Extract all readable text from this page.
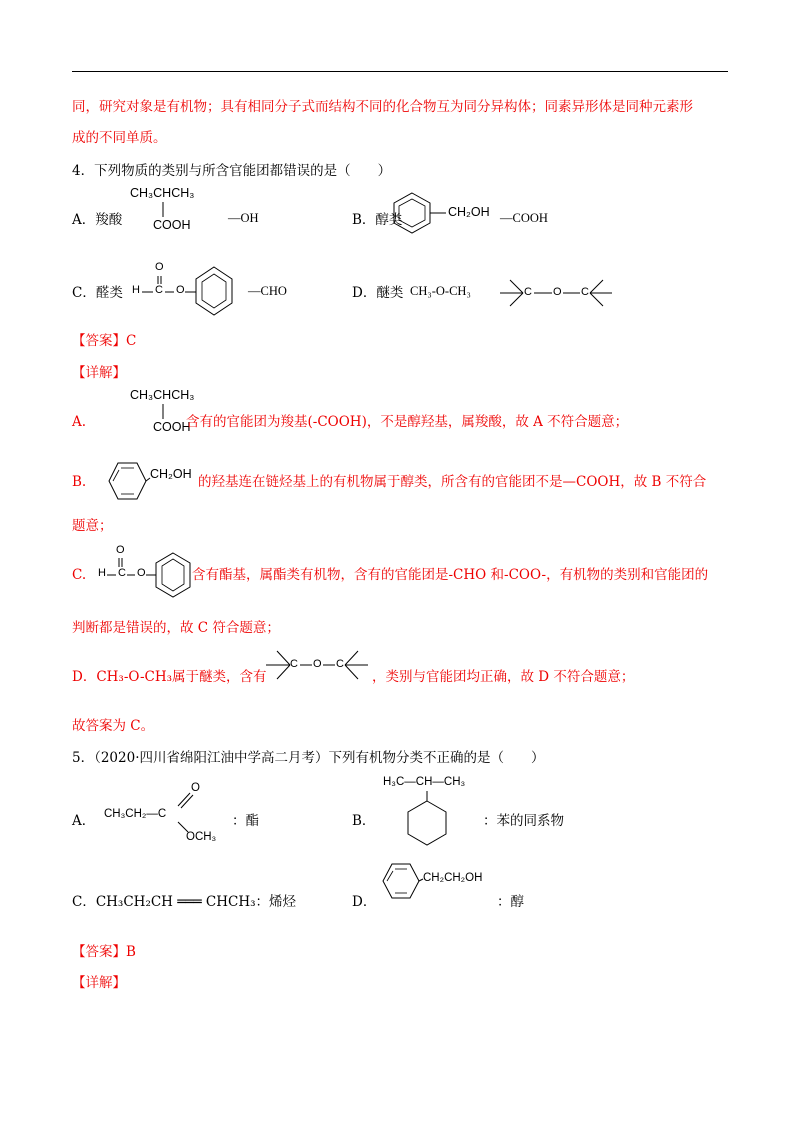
同，研究对象是有机物；具有相同分子式而结构不同的化合物互为同分异构体；同素异形体是同种元素形
成的不同单质。
4．下列物质的类别与所含官能团都错误的是（　　）
A．羧酸
CH₃CHCH₃
COOH	—OH	B．醇类	CH₂OH —COOH
C．醛类 H C
O
O	—CHO	D．醚类 CH₃-O-CH₃	C O C
【答案】C
【详解】
A.
CH₃CHCH₃
COOH
含有的官能团为羧基(-COOH)，不是醇羟基，属羧酸，故 A 不符合题意；
B.	CH₂OH 的羟基连在链烃基上的有机物属于醇类，所含有的官能团不是—COOH，故 B 不符合
题意；
C. H C
O
O	含有酯基，属酯类有机物，含有的官能团是-CHO 和-COO-，有机物的类别和官能团的
判断都是错误的，故 C 符合题意；
D．CH₃-O-CH₃属于醚类，含有
C O C
，类别与官能团均正确，故 D 不符合题意；
故答案为 C。
5．（2020·四川省绵阳江油中学高二月考）下列有机物分类不正确的是（　　）
A． CH₃CH₂—C
O
OCH₃
：酯	B．
H₃C—CH—CH₃
：苯的同系物
C．CH₃CH₂CH ═══ CHCH₃：烯烃	D．
CH₂CH₂OH
：醇
【答案】B
【详解】
